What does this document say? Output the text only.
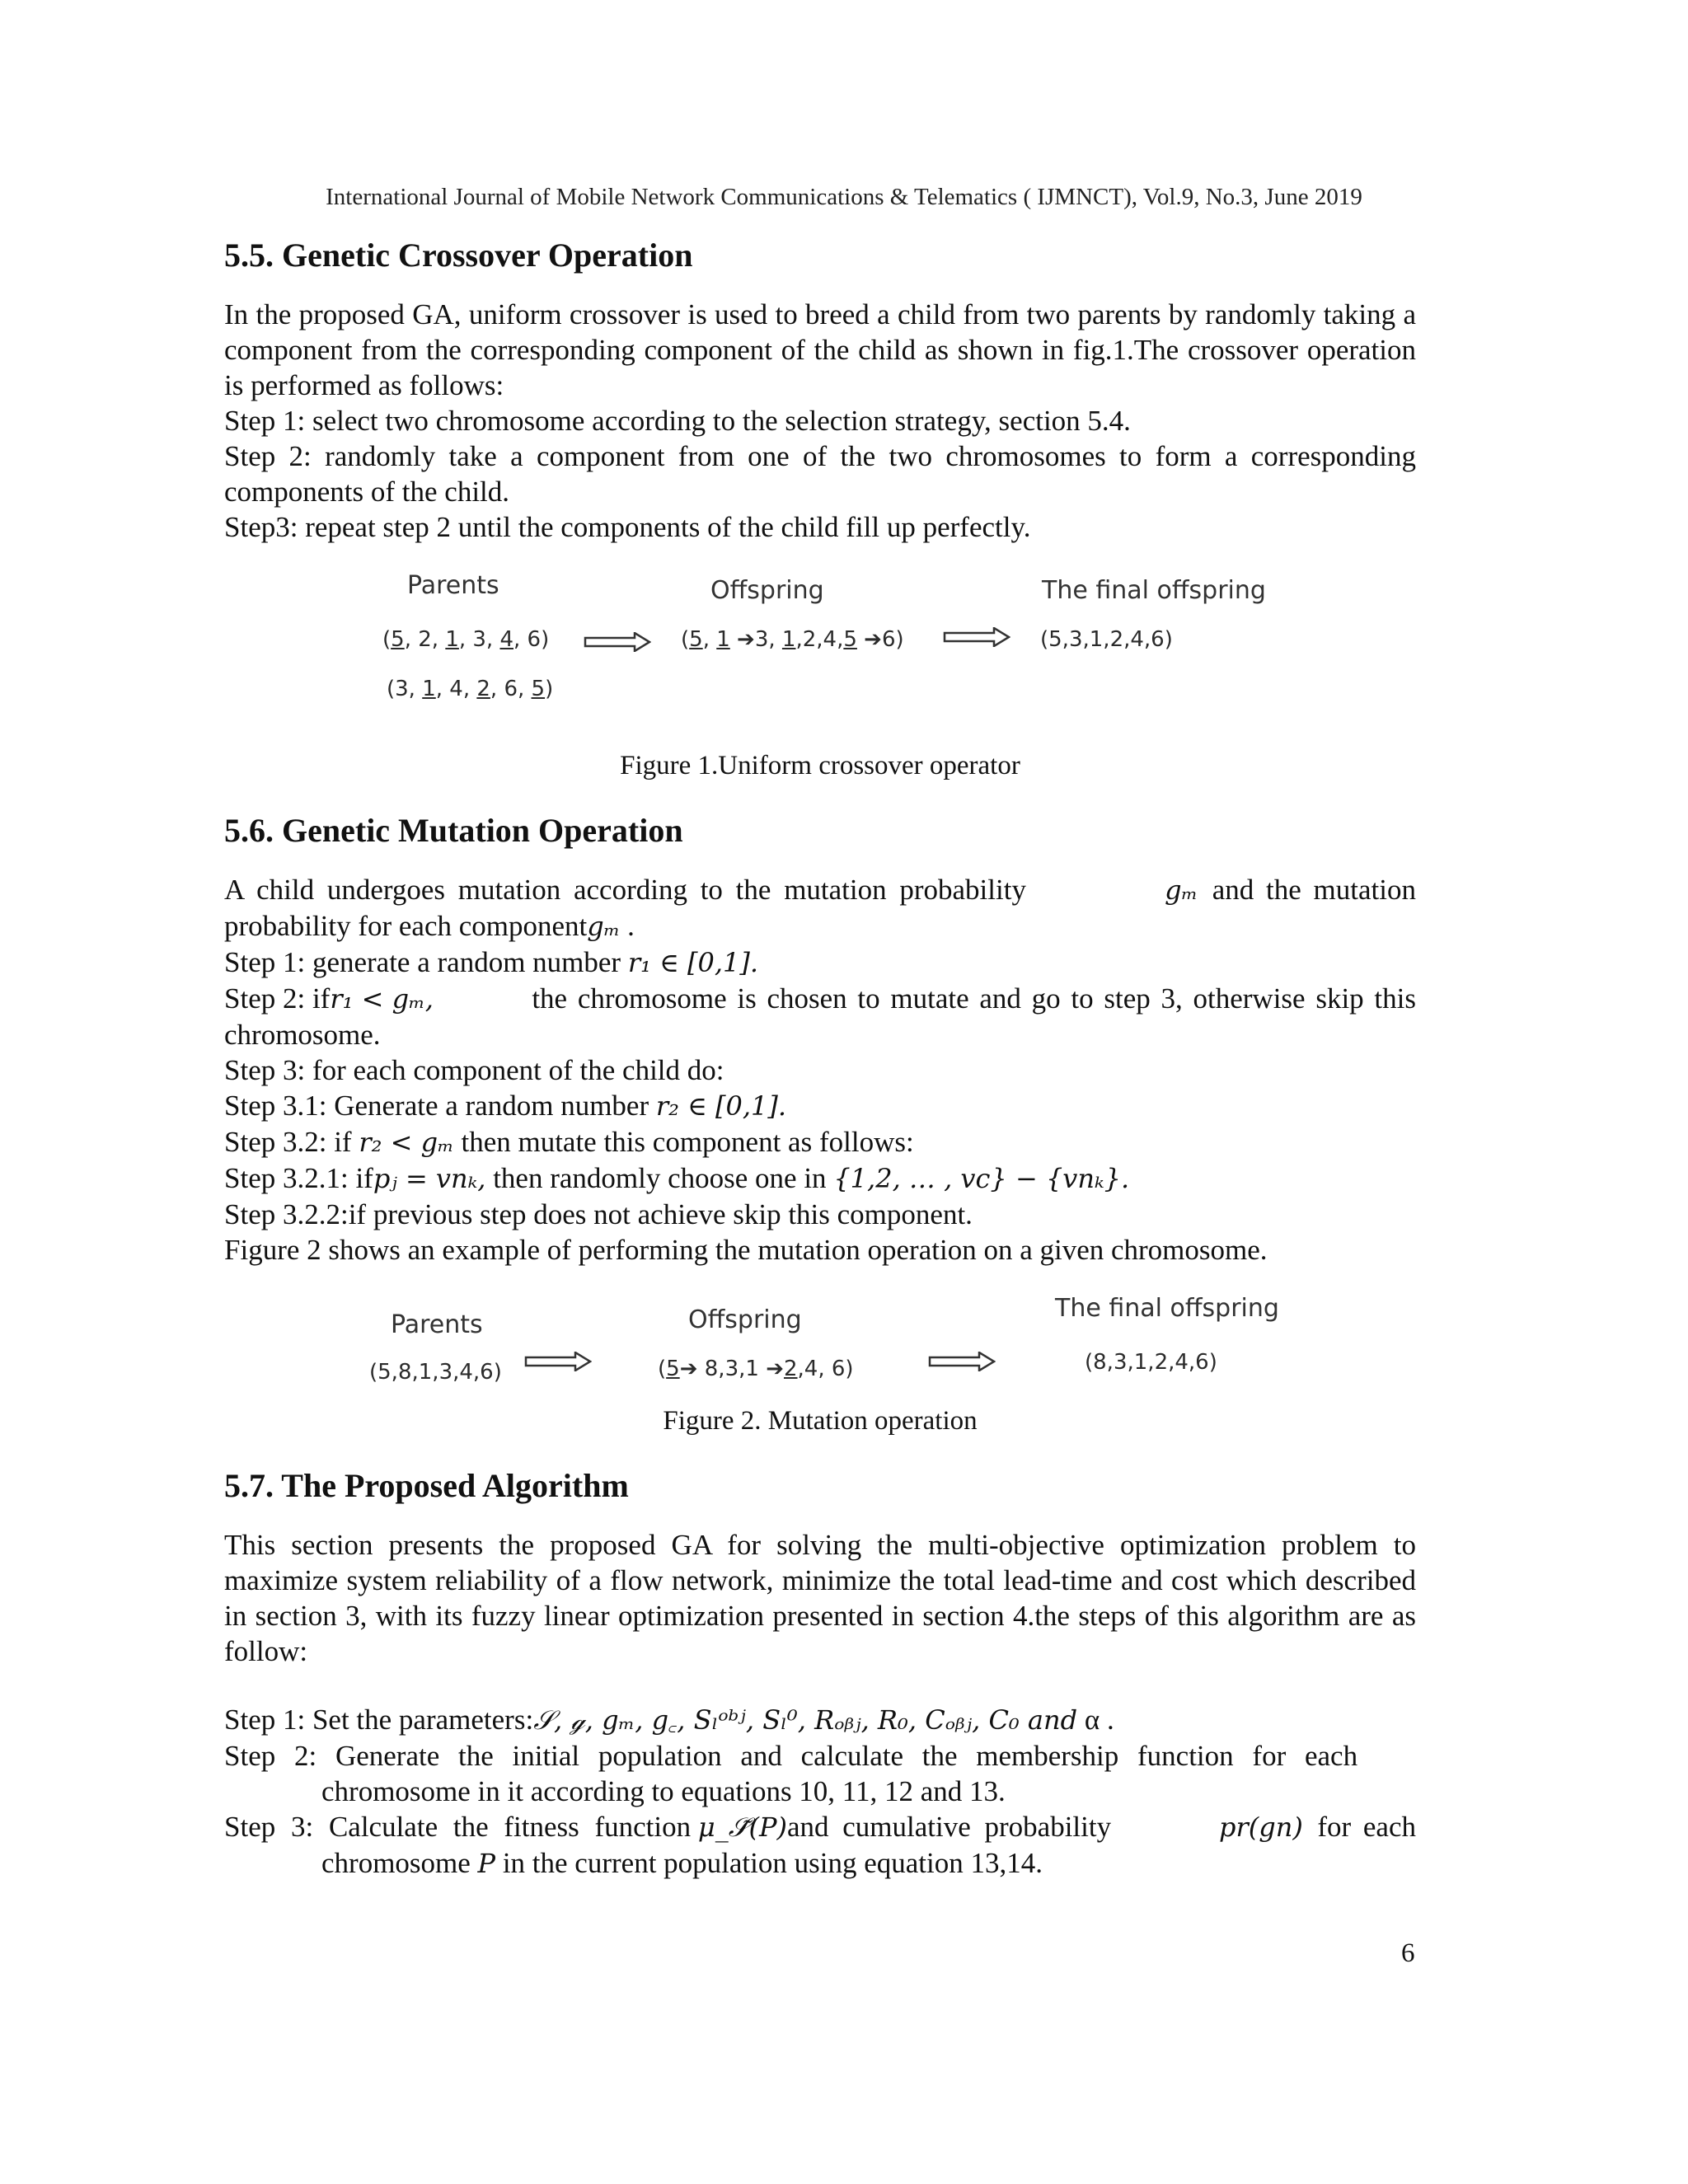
International Journal of Mobile Network Communications & Telematics ( IJMNCT), Vol.9, No.3, June 2019
5.5. Genetic Crossover Operation

In the proposed GA, uniform crossover is used to breed a child from two parents by randomly taking a component from the corresponding component of the child as shown in fig.1.The crossover operation is performed as follows:

Step 1: select two chromosome according to the selection strategy, section 5.4.

Step 2: randomly take a component from one of the two chromosomes to form a corresponding components of the child.

Step3: repeat step 2 until the components of the child fill up perfectly.

Parents	Offspring	The final offspring
(5, 2, 1, 3, 4, 6)
(3, 1, 4, 2, 6, 5)
(5, 1 ➔3, 1,2,4,5 ➔6)	(5,3,1,2,4,6)

Figure 1.Uniform crossover operator

5.6. Genetic Mutation Operation

A child undergoes mutation according to the mutation probability	gₘ and the mutation

probability for each componentgₘ .

Step 1: generate a random number r₁ ∈ [0,1].

Step 2: ifr₁ < gₘ,	the chromosome is chosen to mutate and go to step 3, otherwise skip this

chromosome.

Step 3: for each component of the child do:

Step 3.1: Generate a random number r₂ ∈ [0,1].

Step 3.2: if r₂ < gₘ then mutate this component as follows:

Step 3.2.1: ifpⱼ = vnₖ, then randomly choose one in {1,2, … , vc} − {vnₖ}.

Step 3.2.2:if previous step does not achieve skip this component.

Figure 2 shows an example of performing the mutation operation on a given chromosome.

Parents	Offspring	The final offspring
(5,8,1,3,4,6)	(5➔ 8,3,1 ➔2,4, 6)	(8,3,1,2,4,6)

Figure 2. Mutation operation

5.7. The Proposed Algorithm

This section presents the proposed GA for solving the multi-objective optimization problem to maximize system reliability of a flow network, minimize the total lead-time and cost which described in section 3, with its fuzzy linear optimization presented in section 4.the steps of this algorithm are as follow:

Step 1: Set the parameters:𝒮, ℊ, gₘ, g꜀, Sₗᵒᵇʲ, Sₗ⁰, Rₒᵦⱼ, R₀, Cₒᵦⱼ, C₀ and α .

Step 2: Generate the initial population and calculate the membership function for each

chromosome in it according to equations 10, 11, 12 and 13.

Step 3: Calculate the fitness function μ_𝒮̃(P)and cumulative probability	pr(gn) for each

chromosome P in the current population using equation 13,14.

6
